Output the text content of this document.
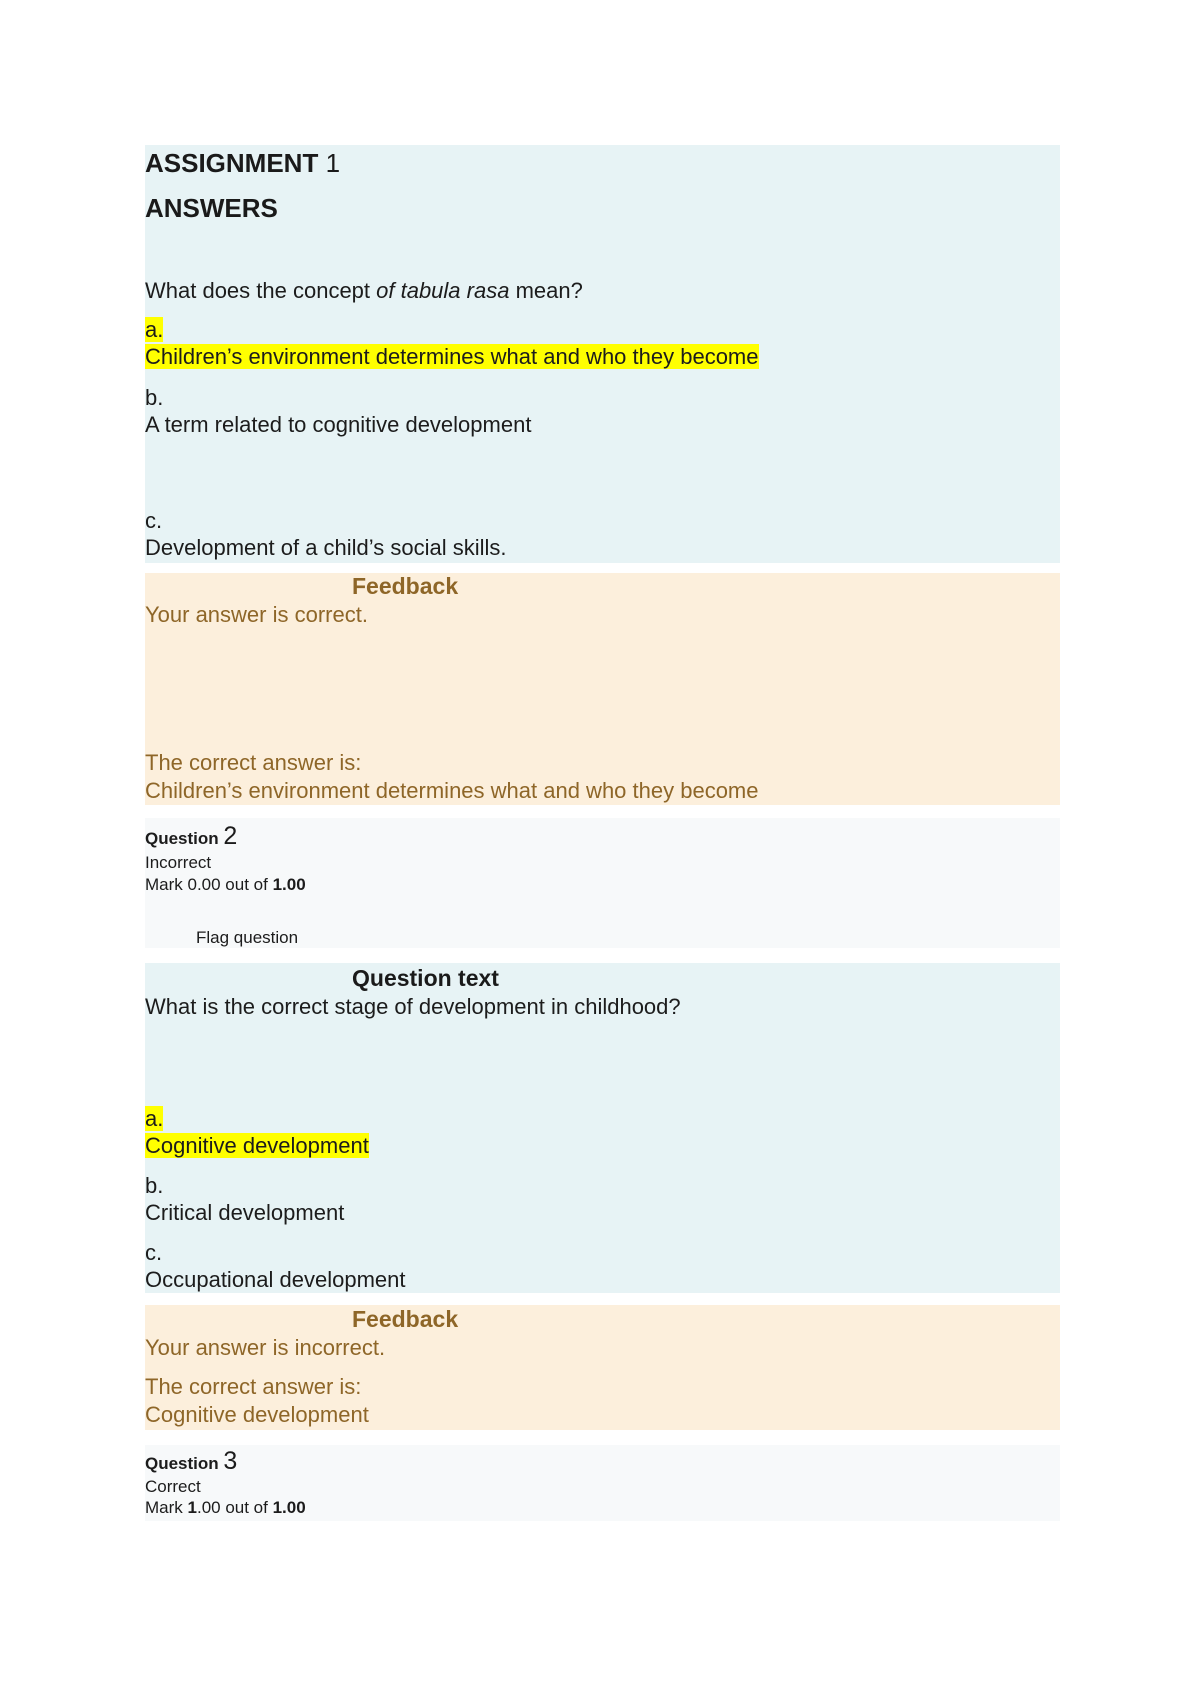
ASSIGNMENT 1
ANSWERS
What does the concept of tabula rasa mean?
a.
Children’s environment determines what and who they become
b.
A term related to cognitive development
c.
Development of a child’s social skills.
Feedback
Your answer is correct.
The correct answer is:
Children’s environment determines what and who they become
Question 2
Incorrect
Mark 0.00 out of 1.00
Flag question
Question text
What is the correct stage of development in childhood?
a.
Cognitive development
b.
Critical development
c.
Occupational development
Feedback
Your answer is incorrect.
The correct answer is:
Cognitive development
Question 3
Correct
Mark 1.00 out of 1.00
